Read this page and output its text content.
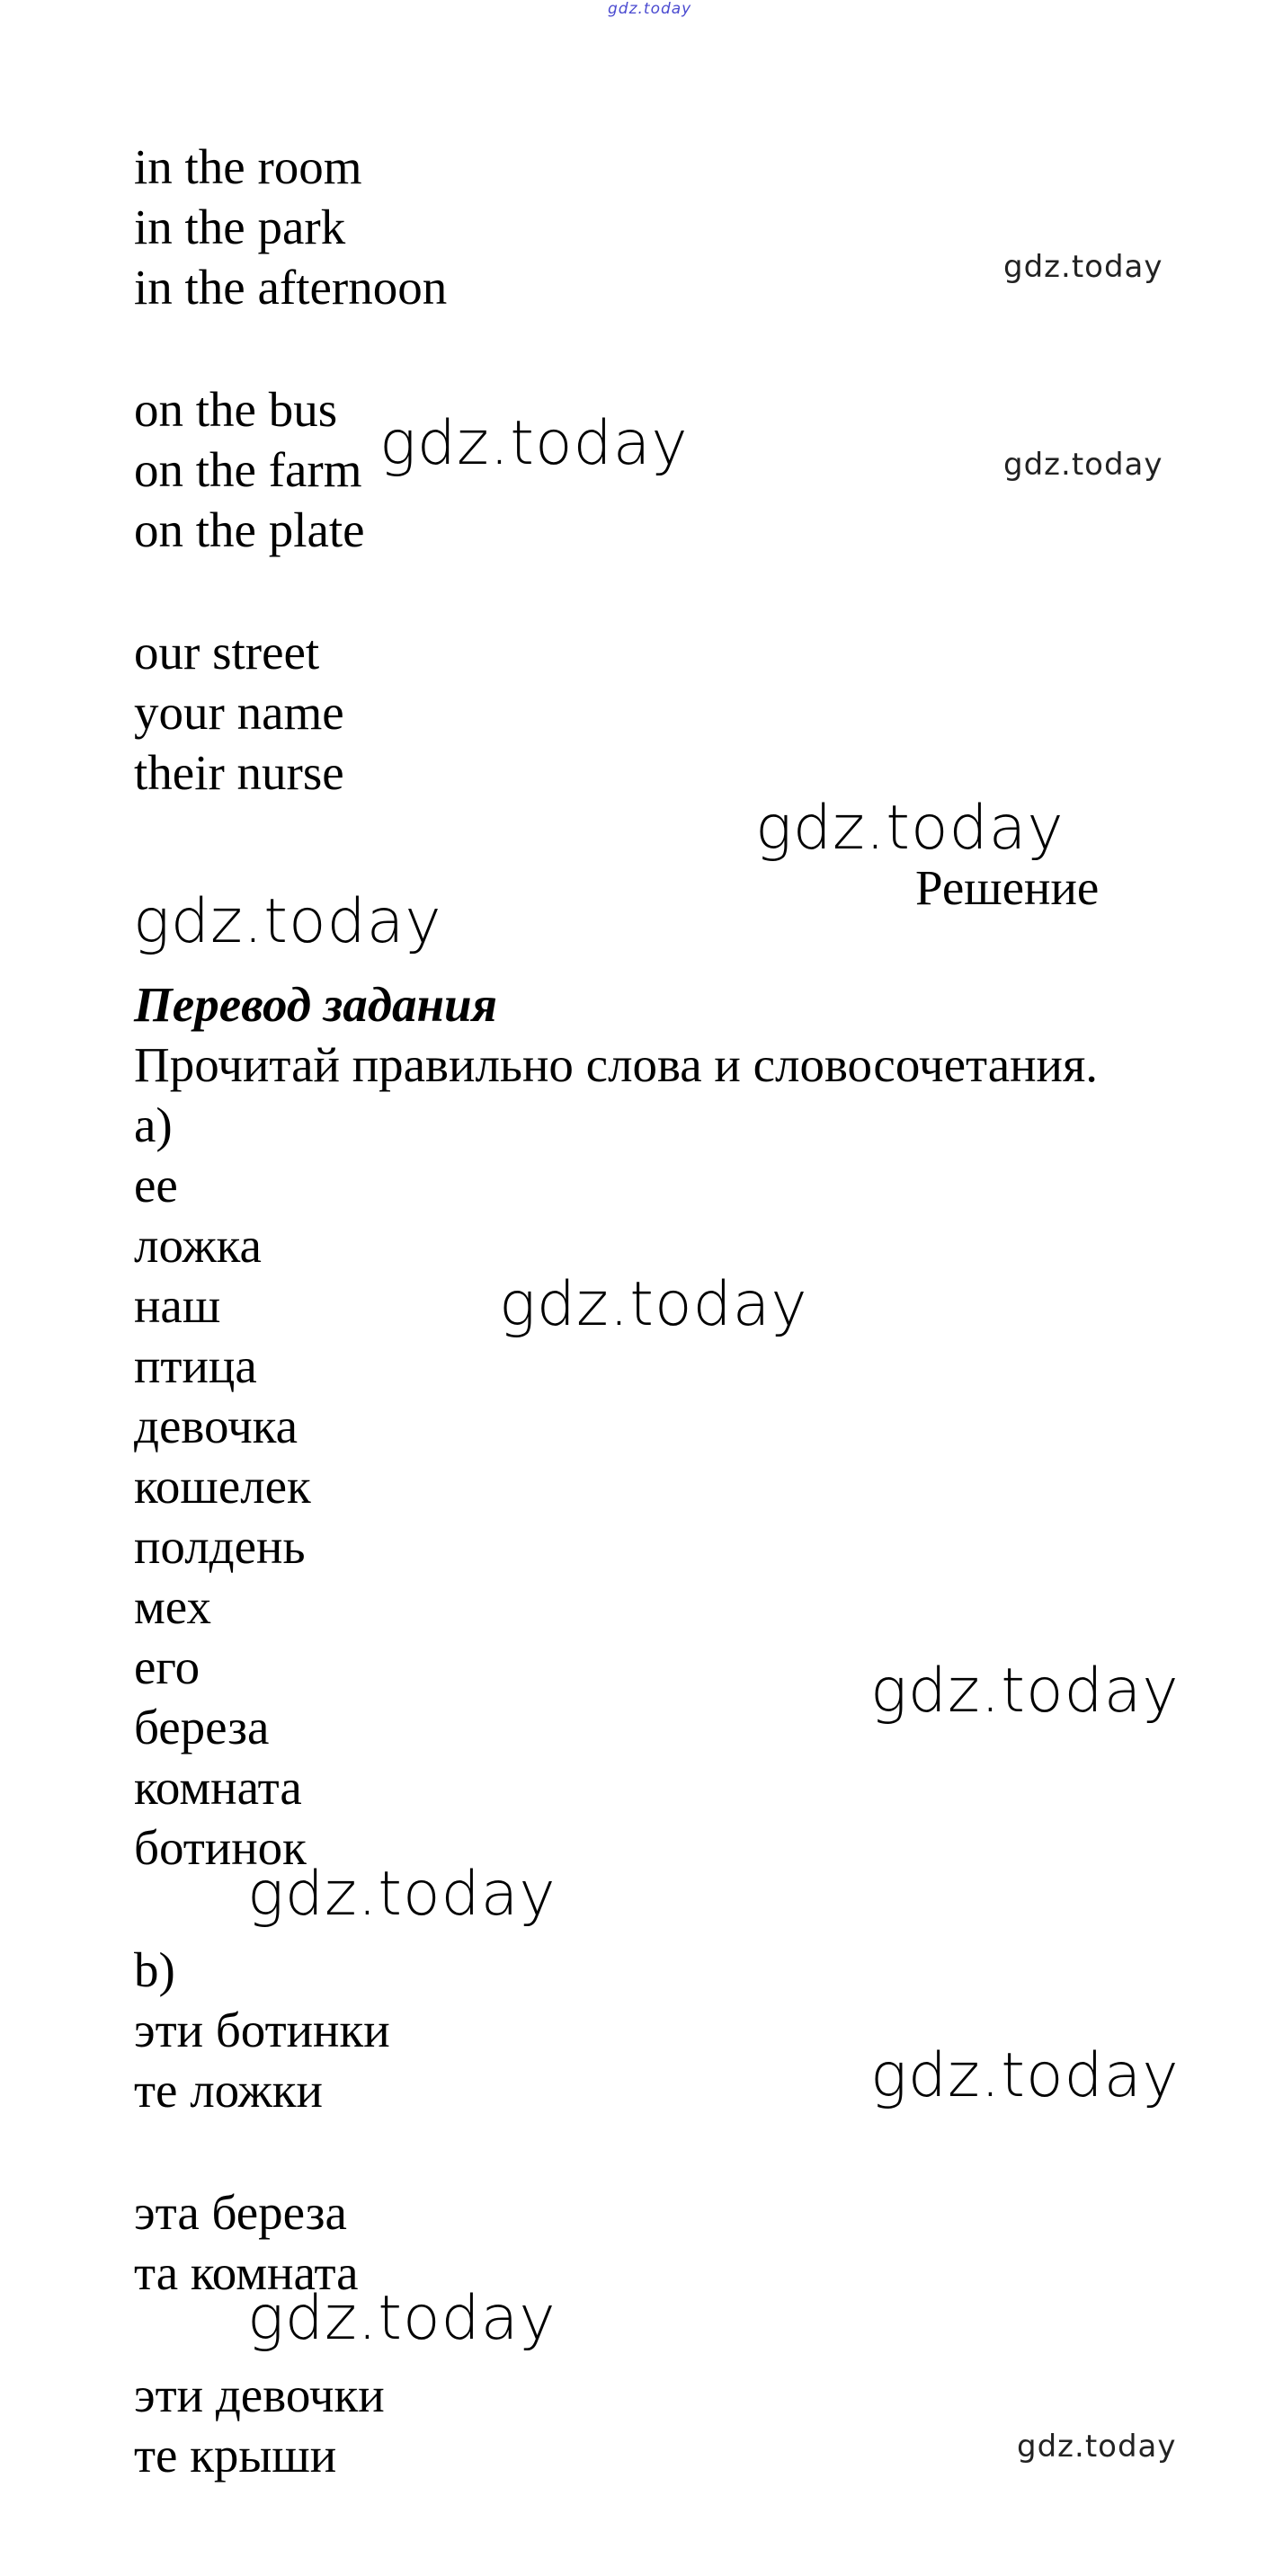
gdz.today
in the room
in the park
in the afternoon
on the bus
on the farm
on the plate
our street
your name
their nurse
Решение
Перевод задания
Прочитай правильно слова и словосочетания.
a)
ее
ложка
наш
птица
девочка
кошелек
полдень
мех
его
береза
комната
ботинок
b)
эти ботинки
те ложки
эта береза
та комната
эти девочки
те крыши
gdz.today
gdz.today	gdz.today
gdz.today
gdz.today
gdz.today
gdz.today
gdz.today
gdz.today
gdz.today
gdz.today
